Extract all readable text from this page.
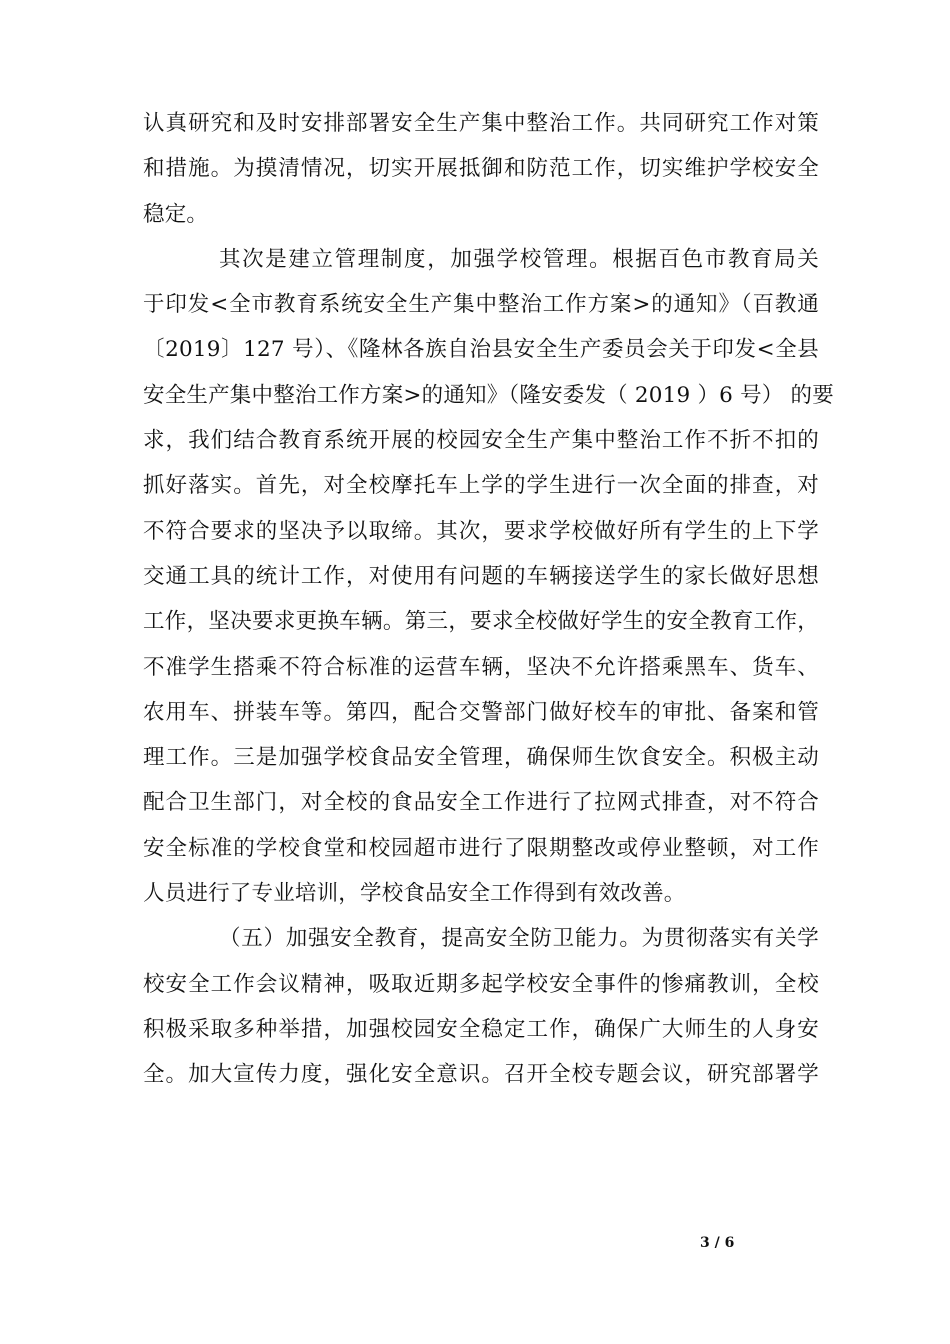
认真研究和及时安排部署安全生产集中整治工作。共同研究工作对策
和措施。为摸清情况，切实开展抵御和防范工作，切实维护学校安全
稳定。
其次是建立管理制度，加强学校管理。根据百色市教育局关
于印发<全市教育系统安全生产集中整治工作方案>的通知》（百教通
〔2019〕127 号）、《隆林各族自治县安全生产委员会关于印发<全县
安全生产集中整治工作方案>的通知》（隆安委发（ 2019 ）6 号） 的要
求，我们结合教育系统开展的校园安全生产集中整治工作不折不扣的
抓好落实。首先，对全校摩托车上学的学生进行一次全面的排查，对
不符合要求的坚决予以取缔。其次，要求学校做好所有学生的上下学
交通工具的统计工作，对使用有问题的车辆接送学生的家长做好思想
工作，坚决要求更换车辆。第三，要求全校做好学生的安全教育工作，
不准学生搭乘不符合标准的运营车辆，坚决不允许搭乘黑车、货车、
农用车、拼装车等。第四，配合交警部门做好校车的审批、备案和管
理工作。三是加强学校食品安全管理，确保师生饮食安全。积极主动
配合卫生部门，对全校的食品安全工作进行了拉网式排查，对不符合
安全标准的学校食堂和校园超市进行了限期整改或停业整顿，对工作
人员进行了专业培训，学校食品安全工作得到有效改善。
（五）加强安全教育，提高安全防卫能力。为贯彻落实有关学
校安全工作会议精神，吸取近期多起学校安全事件的惨痛教训，全校
积极采取多种举措，加强校园安全稳定工作，确保广大师生的人身安
全。加大宣传力度，强化安全意识。召开全校专题会议，研究部署学
3 / 6
